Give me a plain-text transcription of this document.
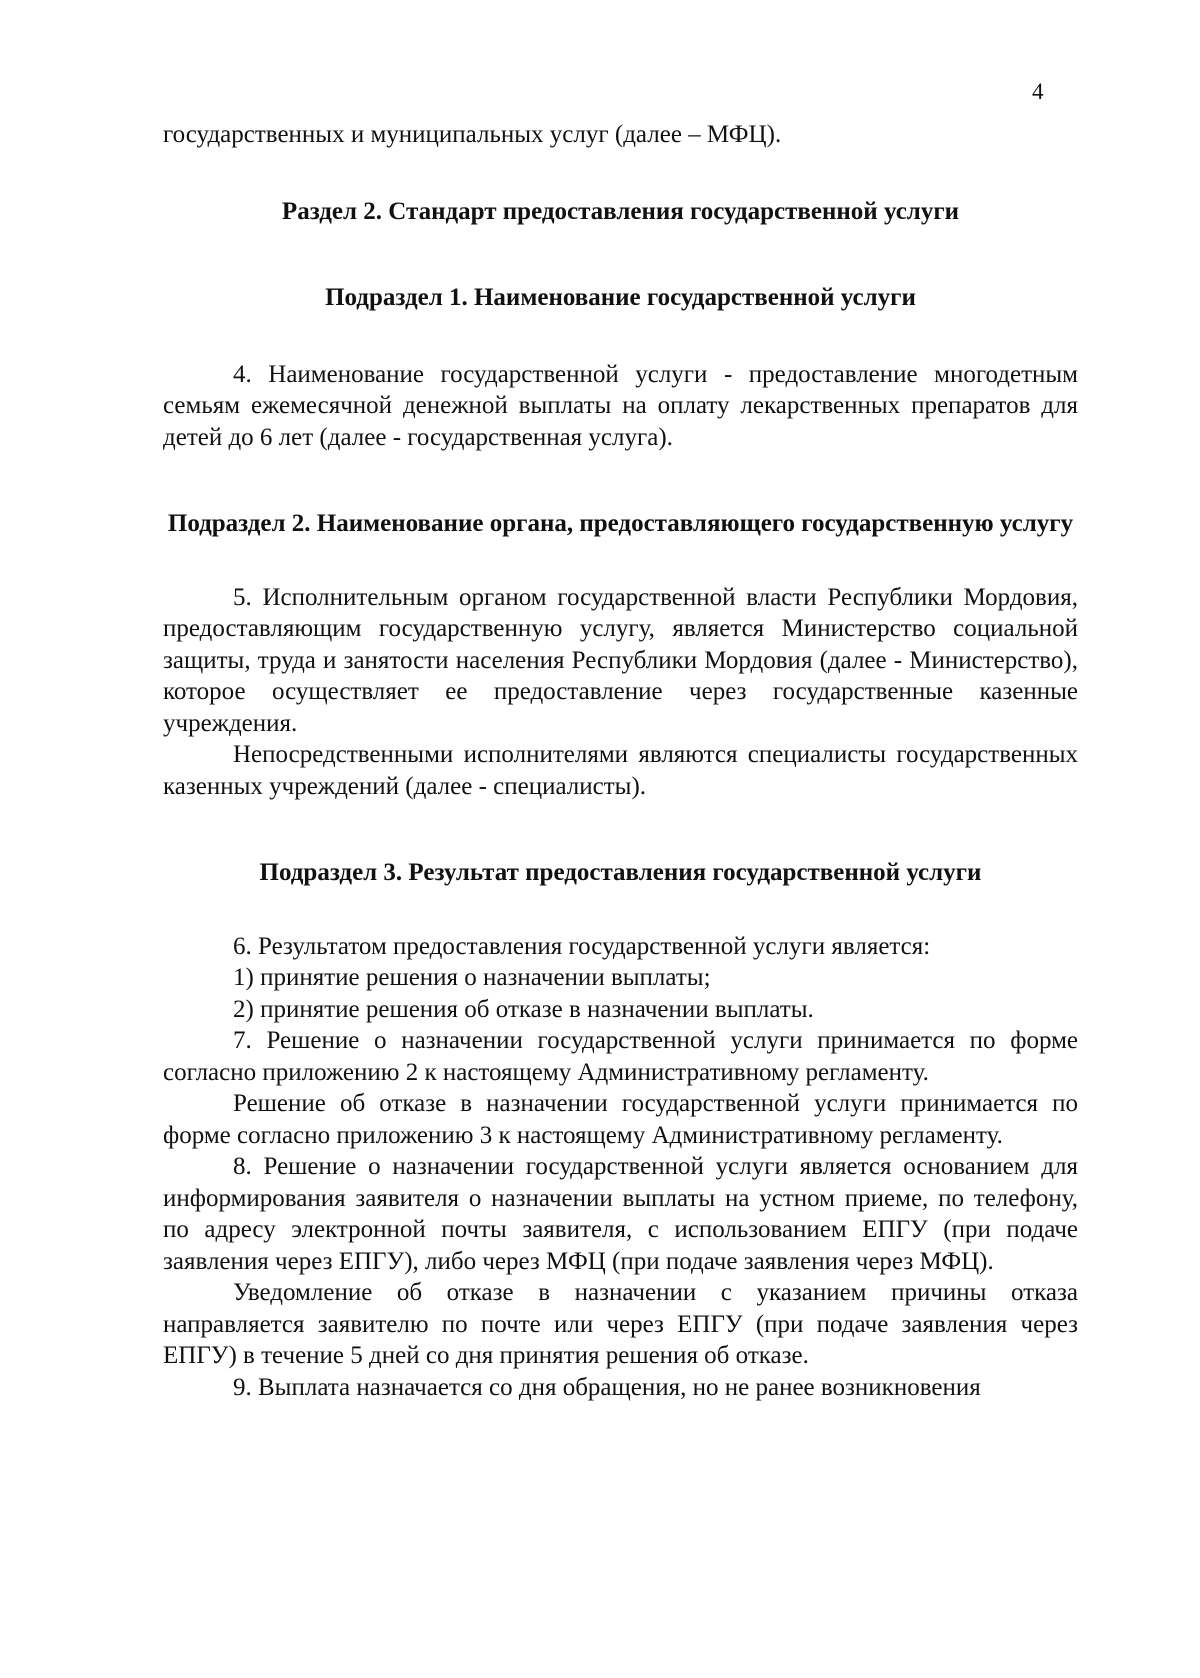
4

государственных и муниципальных услуг (далее – МФЦ).

Раздел 2. Стандарт предоставления государственной услуги
Подраздел 1. Наименование государственной услуги

4. Наименование государственной услуги - предоставление многодетным семьям ежемесячной денежной выплаты на оплату лекарственных препаратов для детей до 6 лет (далее - государственная услуга).

Подраздел 2. Наименование органа, предоставляющего государственную услугу

5. Исполнительным органом государственной власти Республики Мордовия, предоставляющим государственную услугу, является Министерство социальной защиты, труда и занятости населения Республики Мордовия (далее - Министерство), которое осуществляет ее предоставление через государственные казенные учреждения.

Непосредственными исполнителями являются специалисты государственных казенных учреждений (далее - специалисты).

Подраздел 3. Результат предоставления государственной услуги

6. Результатом предоставления государственной услуги является:

1) принятие решения о назначении выплаты;

2) принятие решения об отказе в назначении выплаты.

7. Решение о назначении государственной услуги принимается по форме согласно приложению 2 к настоящему Административному регламенту.

Решение об отказе в назначении государственной услуги принимается по форме согласно приложению 3 к настоящему Административному регламенту.

8. Решение о назначении государственной услуги является основанием для информирования заявителя о назначении выплаты на устном приеме, по телефону, по адресу электронной почты заявителя, с использованием ЕПГУ (при подаче заявления через ЕПГУ), либо через МФЦ (при подаче заявления через МФЦ).

Уведомление об отказе в назначении с указанием причины отказа направляется заявителю по почте или через ЕПГУ (при подаче заявления через ЕПГУ) в течение 5 дней со дня принятия решения об отказе.

9. Выплата назначается со дня обращения, но не ранее возникновения
